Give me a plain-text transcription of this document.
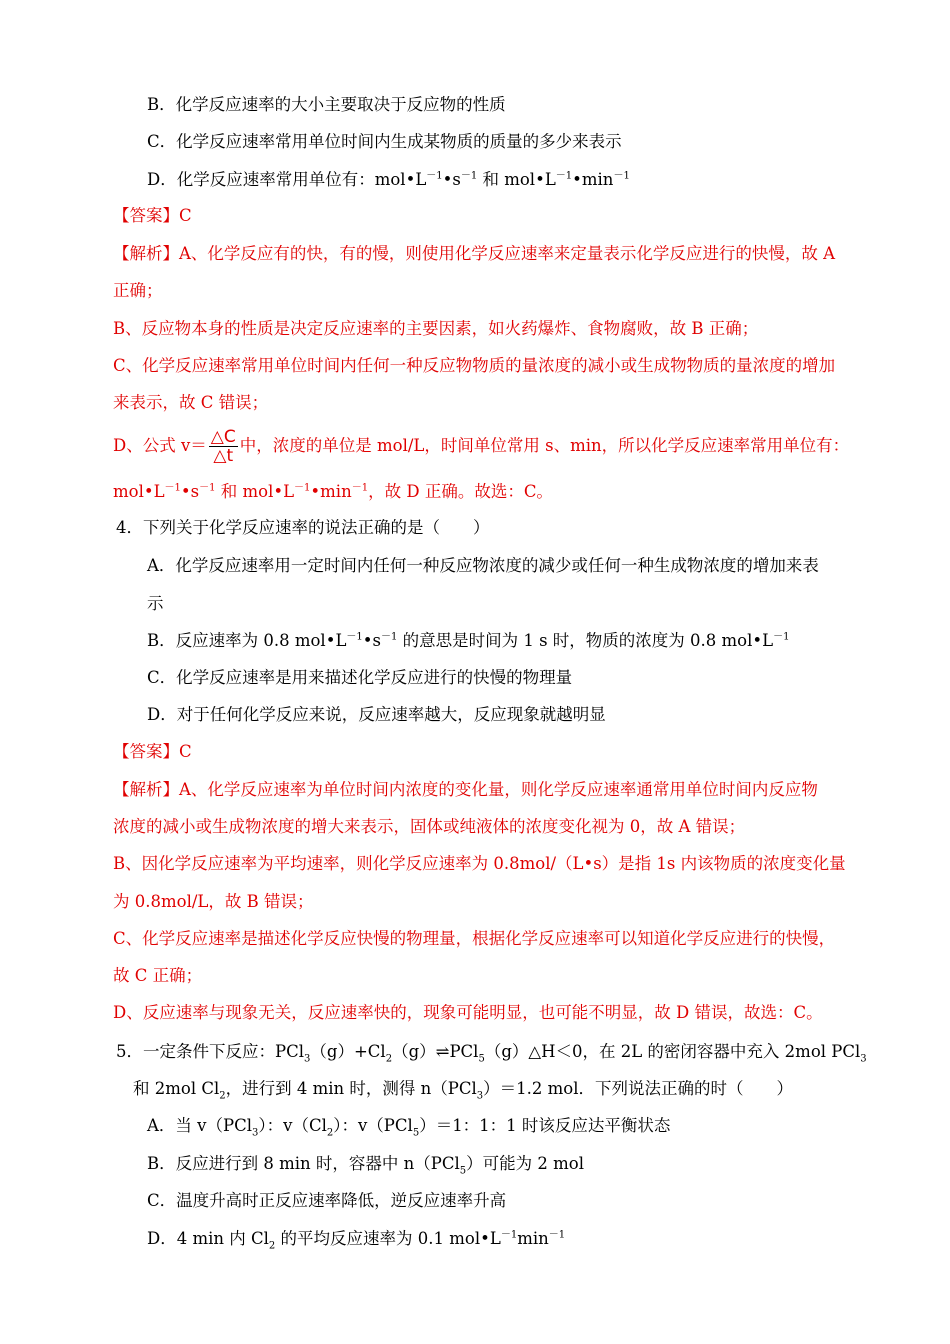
B．化学反应速率的大小主要取决于反应物的性质
C．化学反应速率常用单位时间内生成某物质的质量的多少来表示
D．化学反应速率常用单位有：$mol•L^{-1}•s^{-1}$ 和 $mol•L^{-1}•\min^{-1}$
【答案】C
【解析】A、化学反应有的快，有的慢，则使用化学反应速率来定量表示化学反应进行的快慢，故 A
正确；
B、反应物本身的性质是决定反应速率的主要因素，如火药爆炸、食物腐败，故 B 正确；
C、化学反应速率常用单位时间内任何一种反应物物质的量浓度的减小或生成物物质的量浓度的增加
来表示，故 C 错误；
D、公式 $v= \frac{\triangle C}{\triangle t}$ 中，浓度的单位是 mol/L，时间单位常用 s、min，所以化学反应速率常用单位有：
$mol•L^{-1}•s^{-1}$ 和 $mol•L^{-1}•\min^{-1}$，故 D 正确。故选：C。
4．下列关于化学反应速率的说法正确的是（　　）
A．化学反应速率用一定时间内任何一种反应物浓度的减少或任何一种生成物浓度的增加来表
示
B．反应速率为 0.8 $mol•L^{-1}•s^{-1}$ 的意思是时间为 1 s 时，物质的浓度为 0.8 $mol•L^{-1}$
C．化学反应速率是用来描述化学反应进行的快慢的物理量
D．对于任何化学反应来说，反应速率越大，反应现象就越明显
【答案】C
【解析】A、化学反应速率为单位时间内浓度的变化量，则化学反应速率通常用单位时间内反应物
浓度的减小或生成物浓度的增大来表示，固体或纯液体的浓度变化视为 0，故 A 错误；
B、因化学反应速率为平均速率，则化学反应速率为 0.8mol/（L•s）是指 1s 内该物质的浓度变化量
为 0.8mol/L，故 B 错误；
C、化学反应速率是描述化学反应快慢的物理量，根据化学反应速率可以知道化学反应进行的快慢，
故 C 正确；
D、反应速率与现象无关，反应速率快的，现象可能明显，也可能不明显，故 D 错误，故选：C。
5．一定条件下反应：$PCl_3(g)+Cl_2(g)\rightleftharpoons PCl_5(g)\triangle H<0$，在 2L 的密闭容器中充入 2mol PCl$_3$
和 2mol $Cl_2$，进行到 4 min 时，测得 n（PCl$_3$）＝1.2 mol．下列说法正确的时（　　）
A．当 v（PCl$_3$）：$v(Cl_2)$：v（PCl$_5$）＝1：1：1 时该反应达平衡状态
B．反应进行到 8 min 时，容器中 n（PCl$_5$）可能为 2 mol
C．温度升高时正反应速率降低，逆反应速率升高
D．4 min 内 $Cl_2$ 的平均反应速率为 0.1 $mol•L^{-1}\min^{-1}$
